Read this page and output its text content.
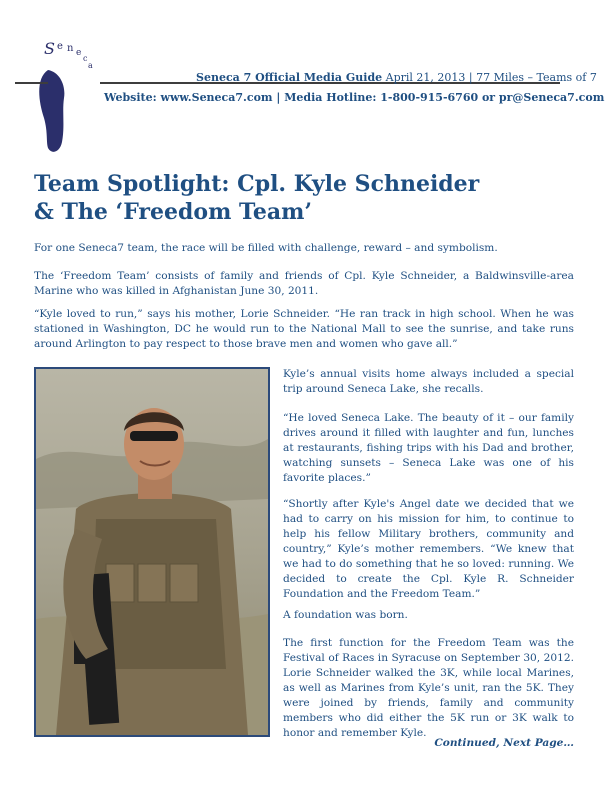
S e n e
c
a
Seneca 7 Official Media Guide April 21, 2013 | 77 Miles – Teams of 7
Website: www.Seneca7.com | Media Hotline: 1-800-915-6760 or pr@Seneca7.com
Team Spotlight: Cpl. Kyle Schneider
& The ‘Freedom Team’

For one Seneca7 team, the race will be filled with challenge, reward – and symbolism.

The ‘Freedom Team’ consists of family and friends of Cpl. Kyle Schneider, a Baldwinsville-area Marine who was killed in Afghanistan June 30, 2011.

“Kyle loved to run,” says his mother, Lorie Schneider. “He ran track in high school. When he was stationed in Washington, DC he would run to the National Mall to see the sunrise, and take runs around Arlington to pay respect to those brave men and women who gave all.”

Kyle’s annual visits home always included a special trip around Seneca Lake, she recalls.

“He loved Seneca Lake. The beauty of it – our family drives around it filled with laughter and fun, lunches at restaurants, fishing trips with his Dad and brother, watching sunsets – Seneca Lake was one of his favorite places.”

“Shortly after Kyle's Angel date we decided that we had to carry on his mission for him, to continue to help his fellow Military brothers, community and country,” Kyle’s mother remembers. “We knew that we had to do something that he so loved: running. We decided to create the Cpl. Kyle R. Schneider Foundation and the Freedom Team.”

A foundation was born.

The first function for the Freedom Team was the Festival of Races in Syracuse on September 30, 2012. Lorie Schneider walked the 3K, while local Marines, as well as Marines from Kyle’s unit, ran the 5K. They were joined by friends, family and community members who did either the 5K run or 3K walk to honor and remember Kyle.

Continued, Next Page…
